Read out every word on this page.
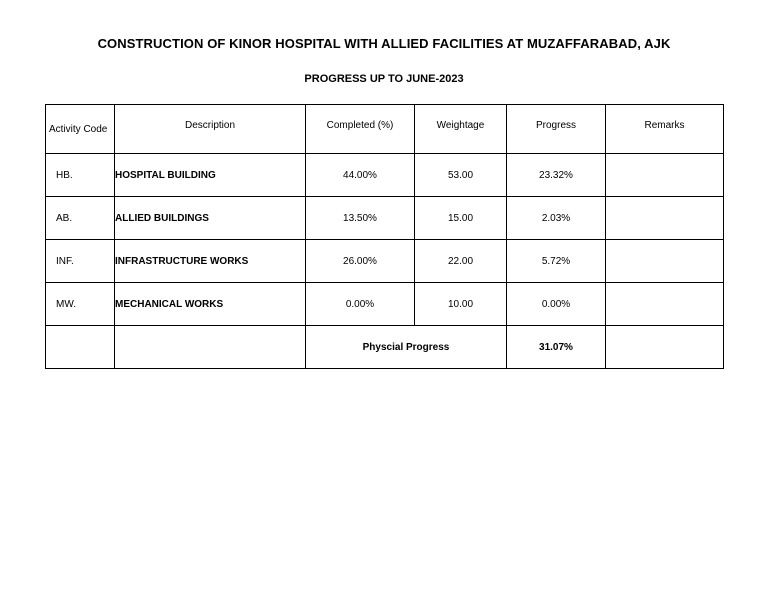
CONSTRUCTION OF KINOR HOSPITAL WITH ALLIED FACILITIES AT MUZAFFARABAD, AJK
PROGRESS UP TO JUNE-2023
Activity Code	Description	Completed (%)	Weightage	Progress	Remarks
HB.	HOSPITAL BUILDING	44.00%	53.00	23.32%	
AB.	ALLIED BUILDINGS	13.50%	15.00	2.03%	
INF.	INFRASTRUCTURE WORKS	26.00%	22.00	5.72%	
MW.	MECHANICAL WORKS	0.00%	10.00	0.00%	
		Physcial Progress		31.07%	
